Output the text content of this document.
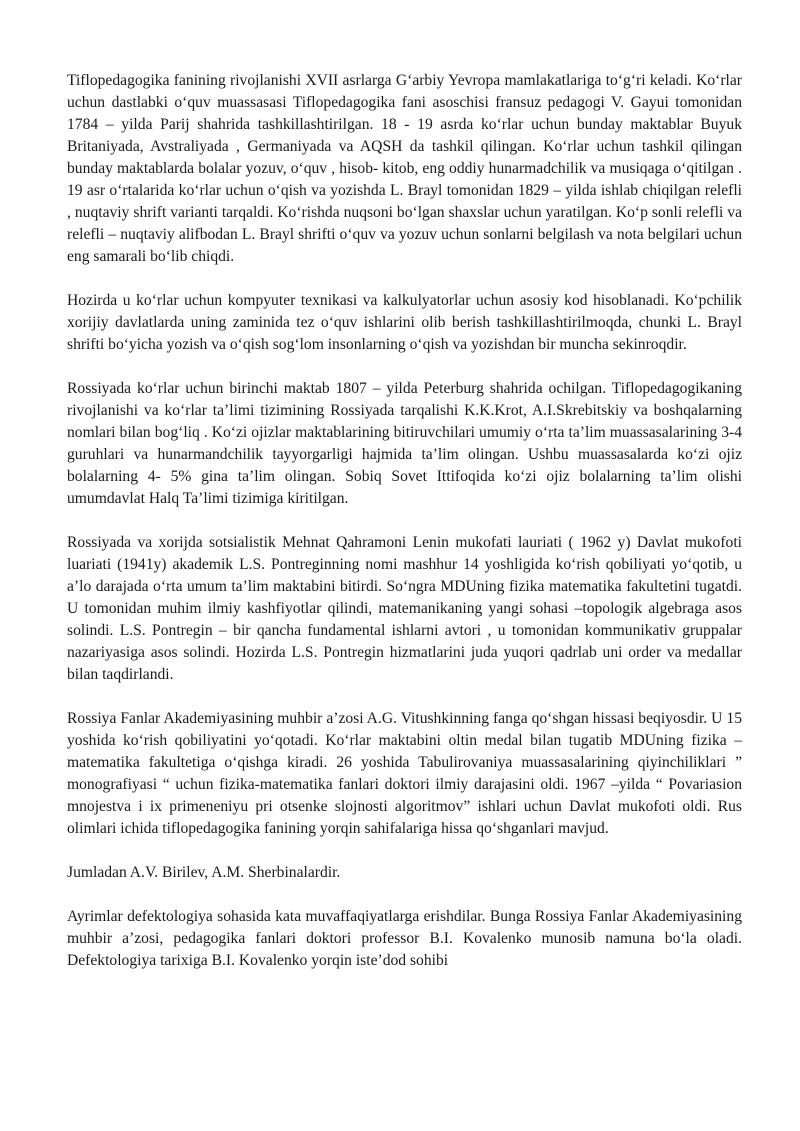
Tiflopedagogika fanining rivojlanishi XVII asrlarga G‘arbiy Yevropa mamlakatlariga to‘g‘ri keladi. Ko‘rlar uchun dastlabki o‘quv muassasasi Tiflopedagogika fani asoschisi fransuz pedagogi V. Gayui tomonidan 1784 – yilda Parij shahrida tashkillashtirilgan. 18 - 19 asrda ko‘rlar uchun bunday maktablar Buyuk Britaniyada, Avstraliyada , Germaniyada va AQSH da tashkil qilingan. Ko‘rlar uchun tashkil qilingan bunday maktablarda bolalar yozuv, o‘quv , hisob- kitob, eng oddiy hunarmadchilik va musiqaga o‘qitilgan . 19 asr o‘rtalarida ko‘rlar uchun o‘qish va yozishda L. Brayl tomonidan 1829 – yilda ishlab chiqilgan relefli , nuqtaviy shrift varianti tarqaldi. Ko‘rishda nuqsoni bo‘lgan shaxslar uchun yaratilgan. Ko‘p sonli relefli va relefli – nuqtaviy alifbodan L. Brayl shrifti o‘quv va yozuv uchun sonlarni belgilash va nota belgilari uchun eng samarali bo‘lib chiqdi.

Hozirda u ko‘rlar uchun kompyuter texnikasi va kalkulyatorlar uchun asosiy kod hisoblanadi. Ko‘pchilik xorijiy davlatlarda uning zaminida tez o‘quv ishlarini olib berish tashkillashtirilmoqda, chunki L. Brayl shrifti bo‘yicha yozish va o‘qish sog‘lom insonlarning o‘qish va yozishdan bir muncha sekinroqdir.

Rossiyada ko‘rlar uchun birinchi maktab 1807 – yilda Peterburg shahrida ochilgan. Tiflopedagogikaning rivojlanishi va ko‘rlar ta’limi tizimining Rossiyada tarqalishi K.K.Krot, A.I.Skrebitskiy va boshqalarning nomlari bilan bog‘liq . Ko‘zi ojizlar maktablarining bitiruvchilari umumiy o‘rta ta’lim muassasalarining 3-4 guruhlari va hunarmandchilik tayyorgarligi hajmida ta’lim olingan. Ushbu muassasalarda ko‘zi ojiz bolalarning 4- 5% gina ta’lim olingan. Sobiq Sovet Ittifoqida ko‘zi ojiz bolalarning ta’lim olishi umumdavlat Halq Ta’limi tizimiga kiritilgan.

Rossiyada va xorijda sotsialistik Mehnat Qahramoni Lenin mukofati lauriati ( 1962 y) Davlat mukofoti luariati (1941y) akademik L.S. Pontreginning nomi mashhur 14 yoshligida ko‘rish qobiliyati yo‘qotib, u a’lo darajada o‘rta umum ta’lim maktabini bitirdi. So‘ngra MDUning fizika matematika fakultetini tugatdi. U tomonidan muhim ilmiy kashfiyotlar qilindi, matemanikaning yangi sohasi –topologik algebraga asos solindi. L.S. Pontregin – bir qancha fundamental ishlarni avtori , u tomonidan kommunikativ gruppalar nazariyasiga asos solindi. Hozirda L.S. Pontregin hizmatlarini juda yuqori qadrlab uni order va medallar bilan taqdirlandi.

Rossiya Fanlar Akademiyasining muhbir a’zosi A.G. Vitushkinning fanga qo‘shgan hissasi beqiyosdir. U 15 yoshida ko‘rish qobiliyatini yo‘qotadi. Ko‘rlar maktabini oltin medal bilan tugatib MDUning fizika – matematika fakultetiga o‘qishga kiradi. 26 yoshida Tabulirovaniya muassasalarining qiyinchiliklari ” monografiyasi “ uchun fizika-matematika fanlari doktori ilmiy darajasini oldi. 1967 –yilda “ Povariasion mnojestva i ix primeneniyu pri otsenke slojnosti algoritmov” ishlari uchun Davlat mukofoti oldi. Rus olimlari ichida tiflopedagogika fanining yorqin sahifalariga hissa qo‘shganlari mavjud.

Jumladan A.V. Birilev, A.M. Sherbinalardir.

Ayrimlar defektologiya sohasida kata muvaffaqiyatlarga erishdilar. Bunga Rossiya Fanlar Akademiyasining muhbir a’zosi, pedagogika fanlari doktori professor B.I. Kovalenko munosib namuna bo‘la oladi. Defektologiya tarixiga B.I. Kovalenko yorqin iste’dod sohibi
